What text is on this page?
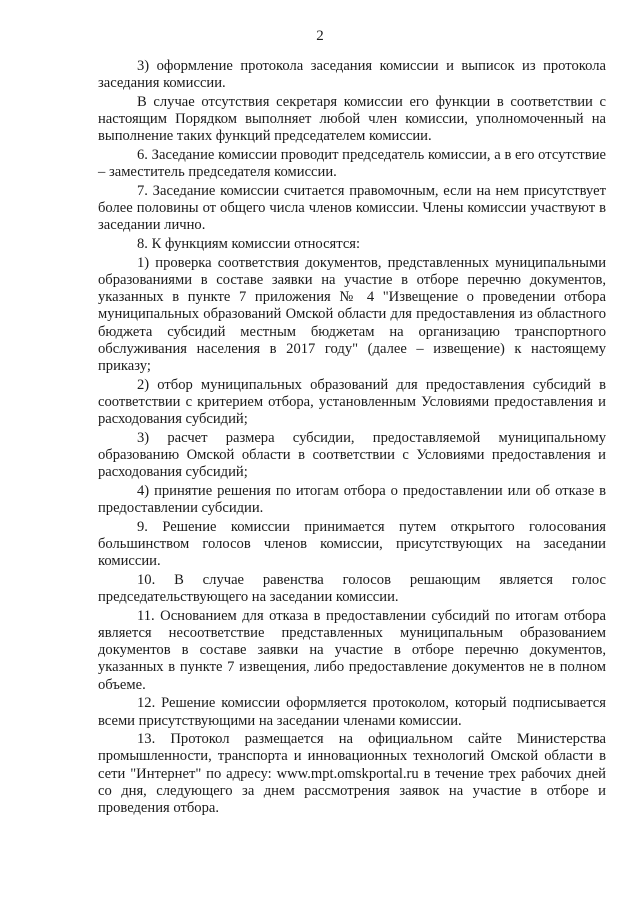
2

3) оформление протокола заседания комиссии и выписок из протокола заседания комиссии.

В случае отсутствия секретаря комиссии его функции в соответствии с настоящим Порядком выполняет любой член комиссии, уполномоченный на выполнение таких функций председателем комиссии.

6. Заседание комиссии проводит председатель комиссии, а в его отсутствие – заместитель председателя комиссии.

7. Заседание комиссии считается правомочным, если на нем присутствует более половины от общего числа членов комиссии. Члены комиссии участвуют в заседании лично.

8. К функциям комиссии относятся:

1) проверка соответствия документов, представленных муниципальными образованиями в составе заявки на участие в отборе перечню документов, указанных в пункте 7 приложения № 4 "Извещение о проведении отбора муниципальных образований Омской области для предоставления из областного бюджета субсидий местным бюджетам на организацию транспортного обслуживания населения в 2017 году" (далее – извещение) к настоящему приказу;

2) отбор муниципальных образований для предоставления субсидий в соответствии с критерием отбора, установленным Условиями предоставления и расходования субсидий;

3) расчет размера субсидии, предоставляемой муниципальному образованию Омской области в соответствии с Условиями предоставления и расходования субсидий;

4) принятие решения по итогам отбора о предоставлении или об отказе в предоставлении субсидии.

9. Решение комиссии принимается путем открытого голосования большинством голосов членов комиссии, присутствующих на заседании комиссии.

10. В случае равенства голосов решающим является голос председательствующего на заседании комиссии.

11. Основанием для отказа в предоставлении субсидий по итогам отбора является несоответствие представленных муниципальным образованием документов в составе заявки на участие в отборе перечню документов, указанных в пункте 7 извещения, либо предоставление документов не в полном объеме.

12. Решение комиссии оформляется протоколом, который подписывается всеми присутствующими на заседании членами комиссии.

13. Протокол размещается на официальном сайте Министерства промышленности, транспорта и инновационных технологий Омской области в сети "Интернет" по адресу: www.mpt.omskportal.ru в течение трех рабочих дней со дня, следующего за днем рассмотрения заявок на участие в отборе и проведения отбора.
